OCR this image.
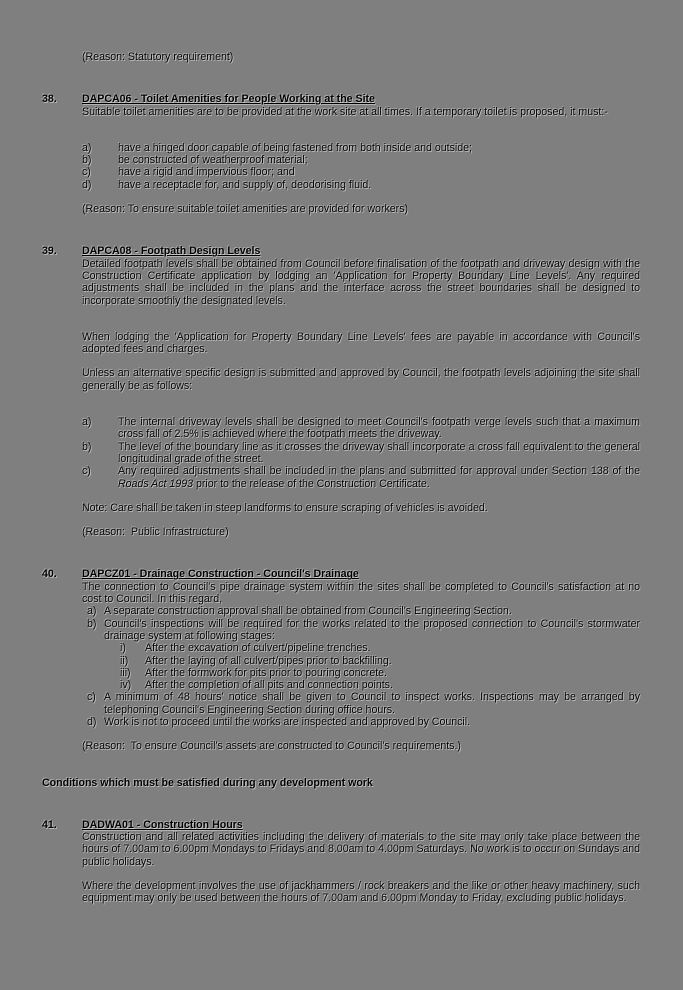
(Reason: Statutory requirement)

38.	DAPCA06 - Toilet Amenities for People Working at the Site

Suitable toilet amenities are to be provided at the work site at all times. If a temporary toilet is proposed, it must:-

a)	have a hinged door capable of being fastened from both inside and outside;
b)	be constructed of weatherproof material;
c)	have a rigid and impervious floor; and
d)	have a receptacle for, and supply of, deodorising fluid.

(Reason: To ensure suitable toilet amenities are provided for workers)

39.	DAPCA08 - Footpath Design Levels

Detailed footpath levels shall be obtained from Council before finalisation of the footpath and driveway design with the Construction Certificate application by lodging an 'Application for Property Boundary Line Levels'. Any required adjustments shall be included in the plans and the interface across the street boundaries shall be designed to incorporate smoothly the designated levels.

When lodging the 'Application for Property Boundary Line Levels' fees are payable in accordance with Council's adopted fees and charges.

Unless an alternative specific design is submitted and approved by Council, the footpath levels adjoining the site shall generally be as follows:

a)	The internal driveway levels shall be designed to meet Council's footpath verge levels such that a maximum cross fall of 2.5% is achieved where the footpath meets the driveway.
b)	The level of the boundary line as it crosses the driveway shall incorporate a cross fall equivalent to the general longitudinal grade of the street.
c)	Any required adjustments shall be included in the plans and submitted for approval under Section 138 of the Roads Act 1993 prior to the release of the Construction Certificate.

Note: Care shall be taken in steep landforms to ensure scraping of vehicles is avoided.

(Reason:  Public Infrastructure)

40.	DAPCZ01 - Drainage Construction - Council's Drainage

The connection to Council's pipe drainage system within the sites shall be completed to Council's satisfaction at no cost to Council. In this regard,

a) A separate construction approval shall be obtained from Council's Engineering Section.
b) Council's inspections will be required for the works related to the proposed connection to Council's stormwater drainage system at following stages:
i)	After the excavation of culvert/pipeline trenches.
ii)	After the laying of all culvert/pipes prior to backfilling.
iii)	After the formwork for pits prior to pouring concrete.
iv)	After the completion of all pits and connection points.
c) A minimum of 48 hours' notice shall be given to Council to inspect works. Inspections may be arranged by telephoning Council's Engineering Section during office hours.
d) Work is not to proceed until the works are inspected and approved by Council.

(Reason:  To ensure Council's assets are constructed to Council's requirements.)

Conditions which must be satisfied during any development work

41.	DADWA01 - Construction Hours

Construction and all related activities including the delivery of materials to the site may only take place between the hours of 7.00am to 6.00pm Mondays to Fridays and 8.00am to 4.00pm Saturdays. No work is to occur on Sundays and public holidays.

Where the development involves the use of jackhammers / rock breakers and the like or other heavy machinery, such equipment may only be used between the hours of 7.00am and 6.00pm Monday to Friday, excluding public holidays.
